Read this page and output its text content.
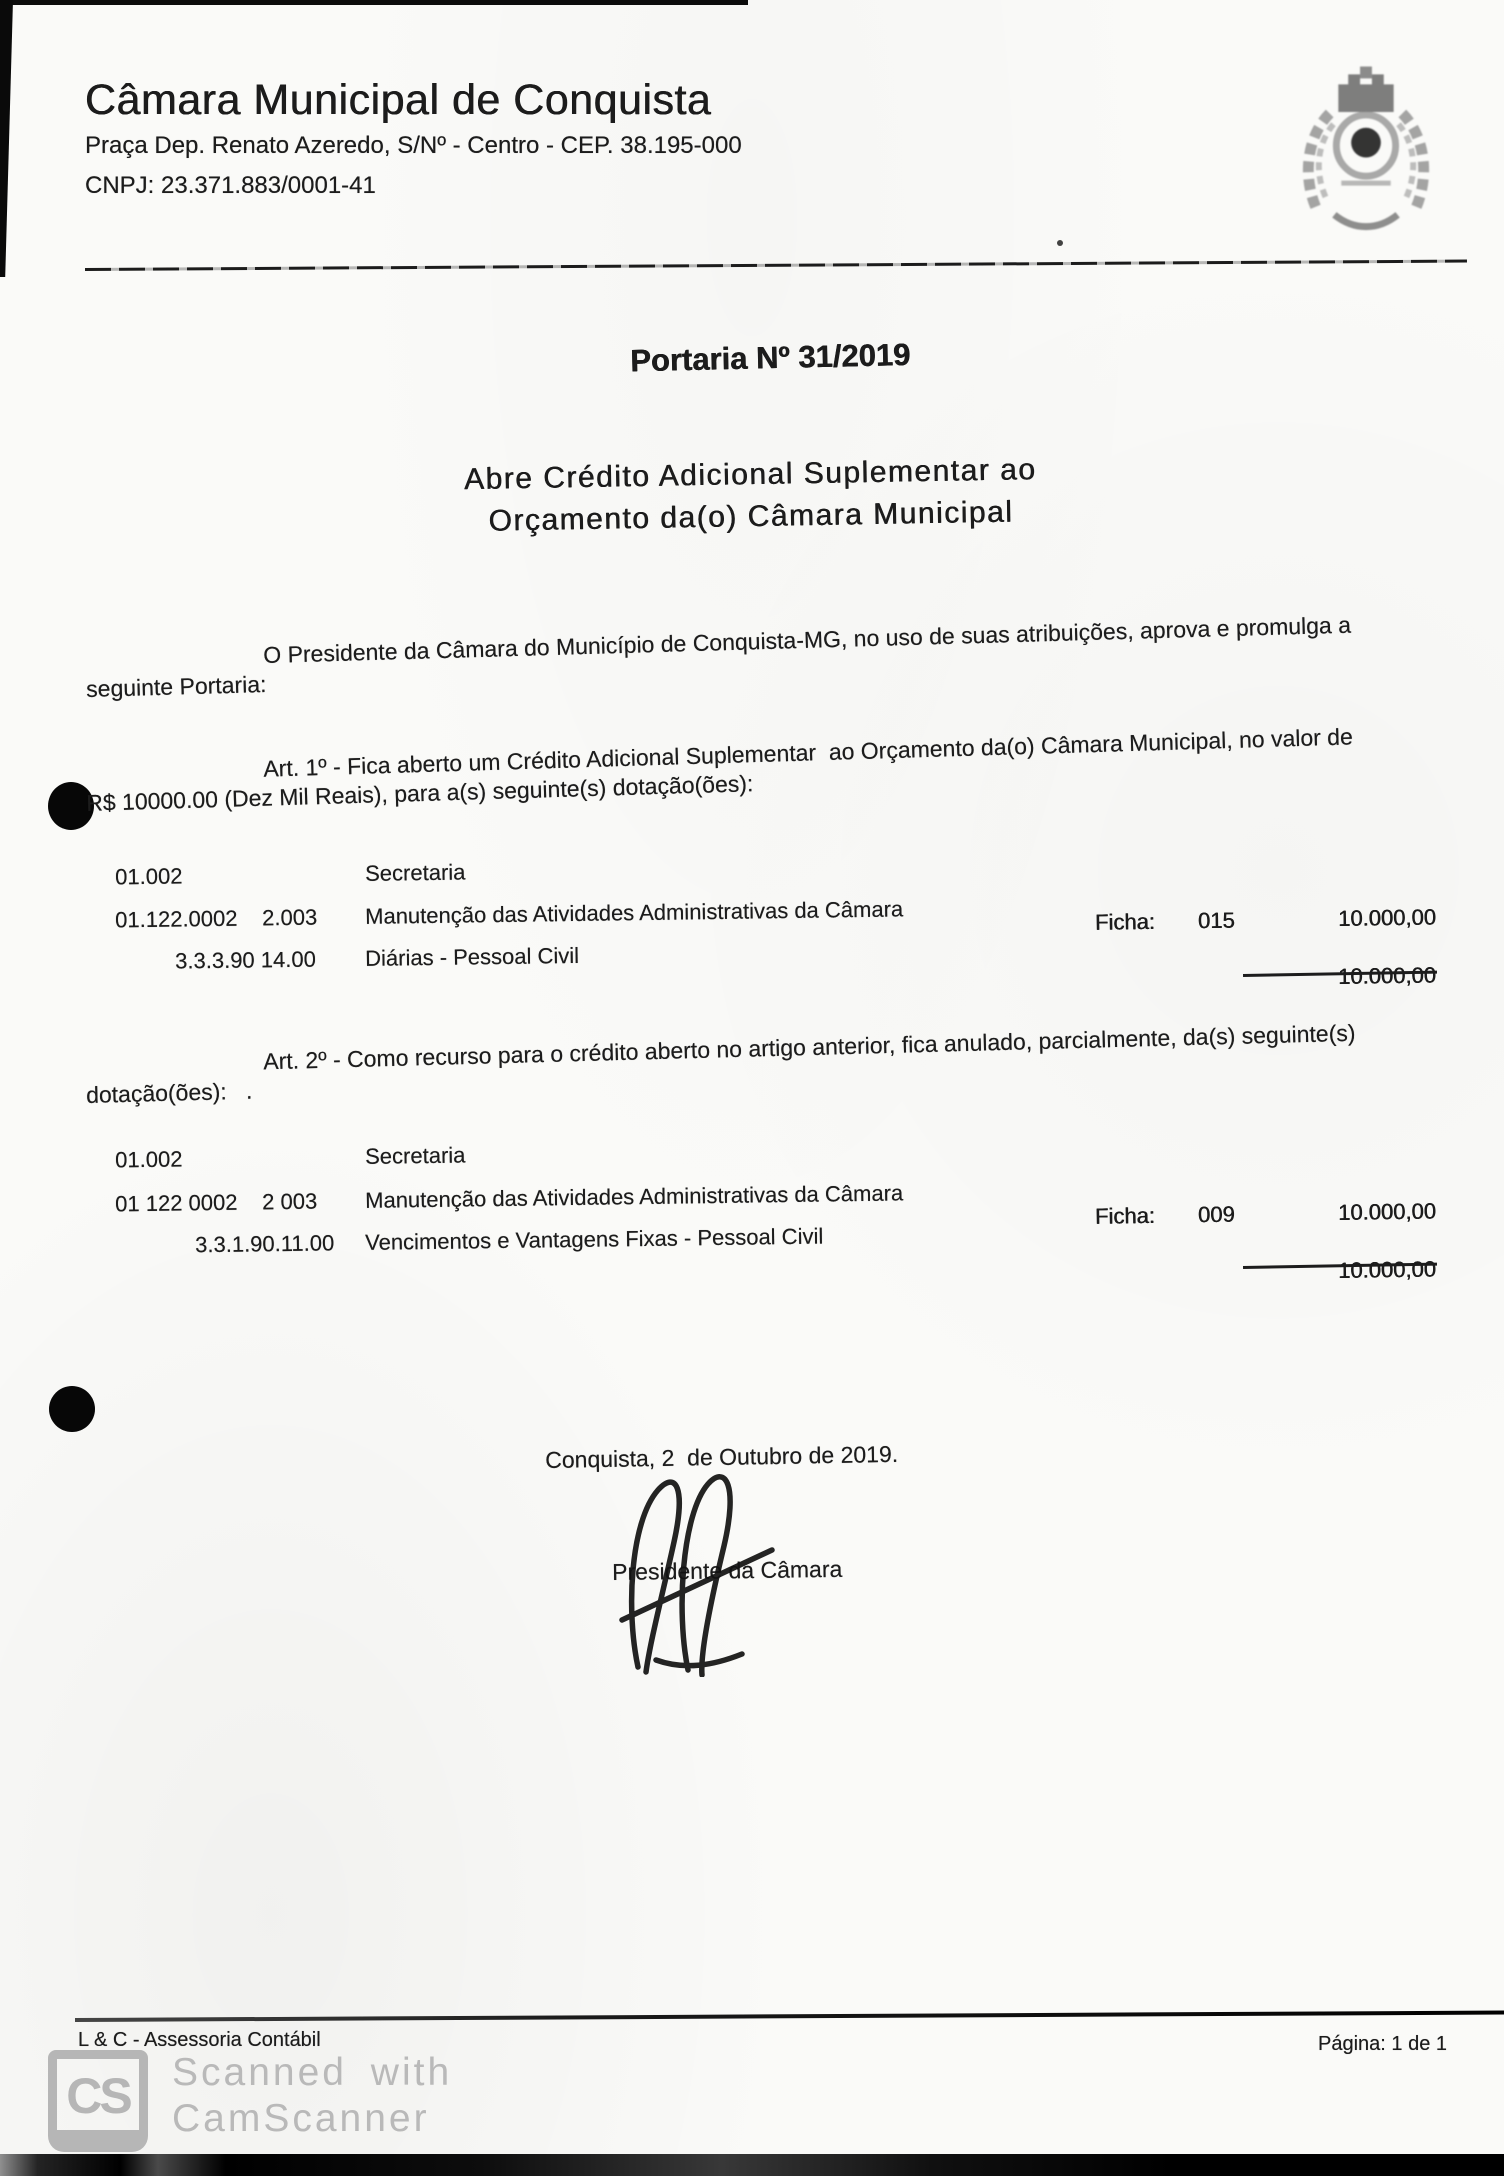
Câmara Municipal de Conquista
Praça Dep. Renato Azeredo, S/Nº - Centro - CEP. 38.195-000
CNPJ: 23.371.883/0001-41
Portaria Nº 31/2019
Abre Crédito Adicional Suplementar ao
Orçamento da(o) Câmara Municipal
O Presidente da Câmara do Município de Conquista-MG, no uso de suas atribuições, aprova e promulga a
seguinte Portaria:
Art. 1º - Fica aberto um Crédito Adicional Suplementar  ao Orçamento da(o) Câmara Municipal, no valor de
R$ 10000.00 (Dez Mil Reais), para a(s) seguinte(s) dotação(ões):
01.002	Secretaria
01.122.0002 2.003 Manutenção das Atividades Administrativas da Câmara
3.3.3.90 14.00 Diárias - Pessoal Civil
Ficha: 015	10.000,00
10.000,00
Art. 2º - Como recurso para o crédito aberto no artigo anterior, fica anulado, parcialmente, da(s) seguinte(s)
dotação(ões):   .
01.002	Secretaria
01 122 0002 2 003 Manutenção das Atividades Administrativas da Câmara
3.3.1.90.11.00 Vencimentos e Vantagens Fixas - Pessoal Civil
Ficha: 009	10.000,00
10.000,00
Conquista, 2  de Outubro de 2019.
Presidente da Câmara
L & C - Assessoria Contábil	Página: 1 de 1
CS Scanned with
CamScanner
